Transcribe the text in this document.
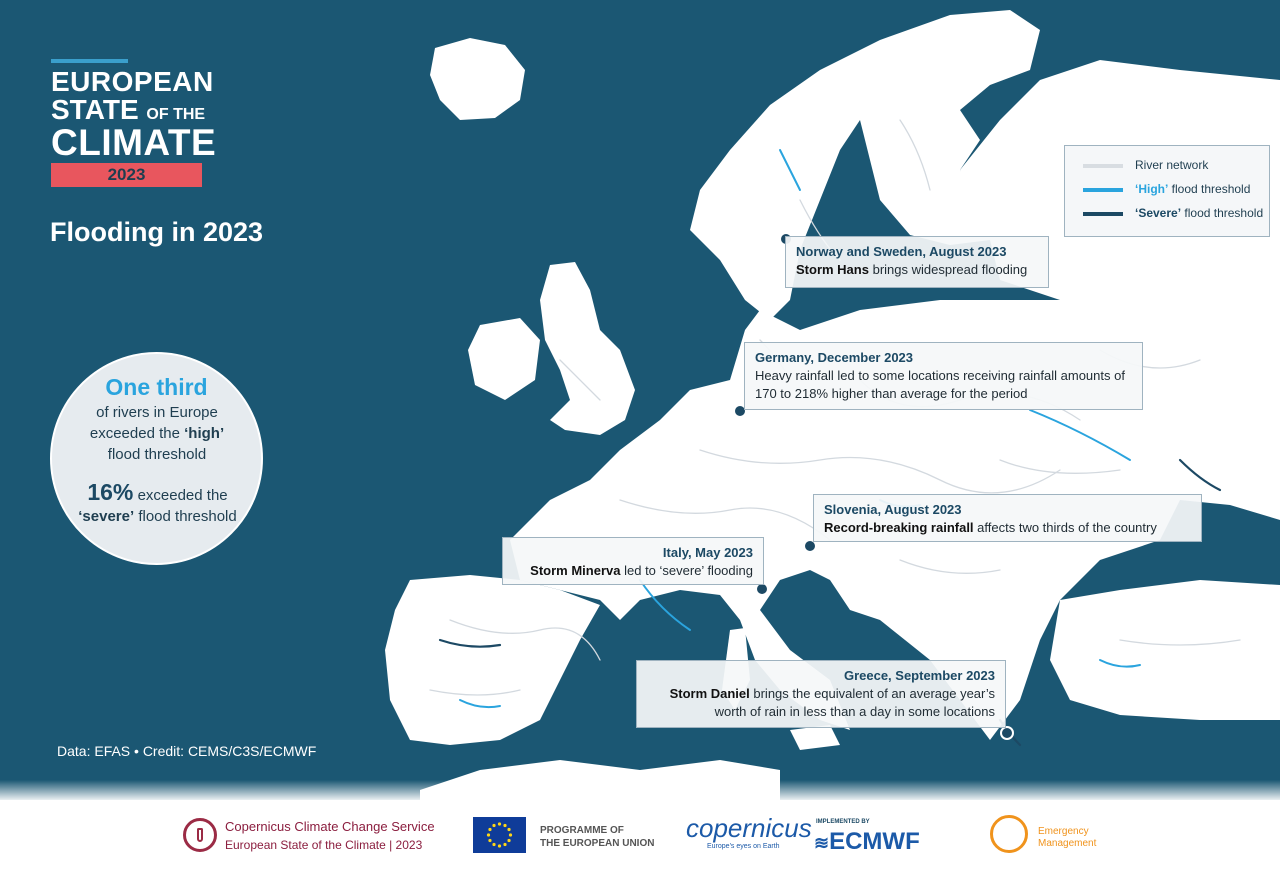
EUROPEAN
STATE OF THE
CLIMATE
2023
Flooding in 2023
One third
of rivers in Europe exceeded the ‘high’ flood threshold
16% exceeded the ‘severe’ flood threshold
River network
‘High’ flood threshold
‘Severe’ flood threshold
Norway and Sweden, August 2023
Storm Hans brings widespread flooding
Germany, December 2023
Heavy rainfall led to some locations receiving rainfall amounts of 170 to 218% higher than average for the period
Slovenia, August 2023
Record-breaking rainfall affects two thirds of the country
Italy, May 2023
Storm Minerva led to ‘severe’ flooding
Greece, September 2023
Storm Daniel brings the equivalent of an average year’s worth of rain in less than a day in some locations
Data: EFAS • Credit: CEMS/C3S/ECMWF
Copernicus Climate Change Service
European State of the Climate | 2023
PROGRAMME OF
THE EUROPEAN UNION
copernicus
Europe's eyes on Earth
IMPLEMENTED BY
≋ECMWF	Emergency
Management
